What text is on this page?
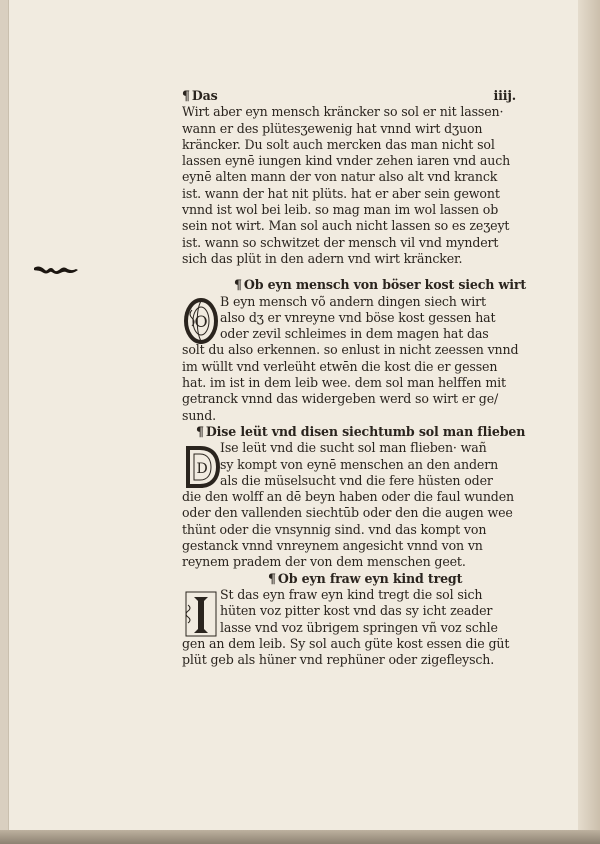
¶ Das	iiij.
Wirt aber eyn mensch kräncker so sol er nit lassen·
wann er des plütesʒewenig hat vnnd wirt dʒuon
kräncker. Du solt auch mercken das man nicht sol
lassen eynē iungen kind vnder zehen iaren vnd auch
eynē alten mann der von natur also alt vnd kranck
ist. wann der hat nit plüts. hat er aber sein gewont
vnnd ist wol bei leib. so mag man im wol lassen ob
sein not wirt. Man sol auch nicht lassen so es zeʒeyt
ist. wann so schwitzet der mensch vil vnd myndert
sich das plüt in den adern vnd wirt kräncker.
¶ Ob eyn mensch von böser kost siech wirt
O
B eyn mensch võ andern dingen siech wirt
also dʒ er vnreyne vnd böse kost gessen hat
oder zevil schleimes in dem magen hat das
solt du also erkennen. so enlust in nicht zeessen vnnd
im wüllt vnd verleüht etwēn die kost die er gessen
hat. im ist in dem leib wee. dem sol man helffen mit
getranck vnnd das widergeben werd so wirt er ge/
sund.
¶ Dise leüt vnd disen siechtumb sol man flieben
D
Ise leüt vnd die sucht sol man flieben· wañ
sy kompt von eynē menschen an den andern
als die müselsucht vnd die fere hüsten oder
die den wolff an dē beyn haben oder die faul wunden
oder den vallenden siechtūb oder den die augen wee
thünt oder die vnsynnig sind. vnd das kompt von
gestanck vnnd vnreynem angesicht vnnd von vn
reynem pradem der von dem menschen geet.
¶ Ob eyn fraw eyn kind tregt
I
St das eyn fraw eyn kind tregt die sol sich
hüten voz pitter kost vnd das sy icht zeader
lasse vnd voz übrigem springen vñ voz schle
gen an dem leib. Sy sol auch güte kost essen die güt
plüt geb als hüner vnd rephüner oder zigefleysch.
